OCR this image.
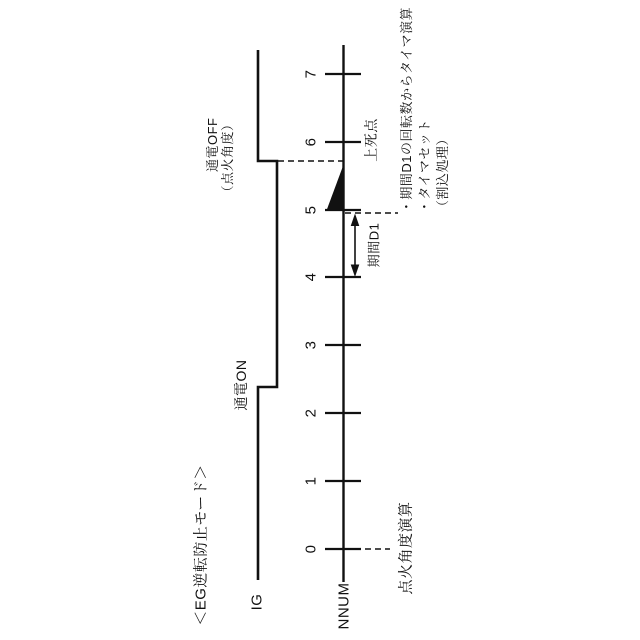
＜EG逆転防止モード＞	IG	NNUM
0
1
2
3
4
5
6
7
通電ON
通電OFF （点火角度）	上死点
期間D1
点火角度演算
・期間D1の回転数からタイマ演算 ・タイマセット （割込処理）
